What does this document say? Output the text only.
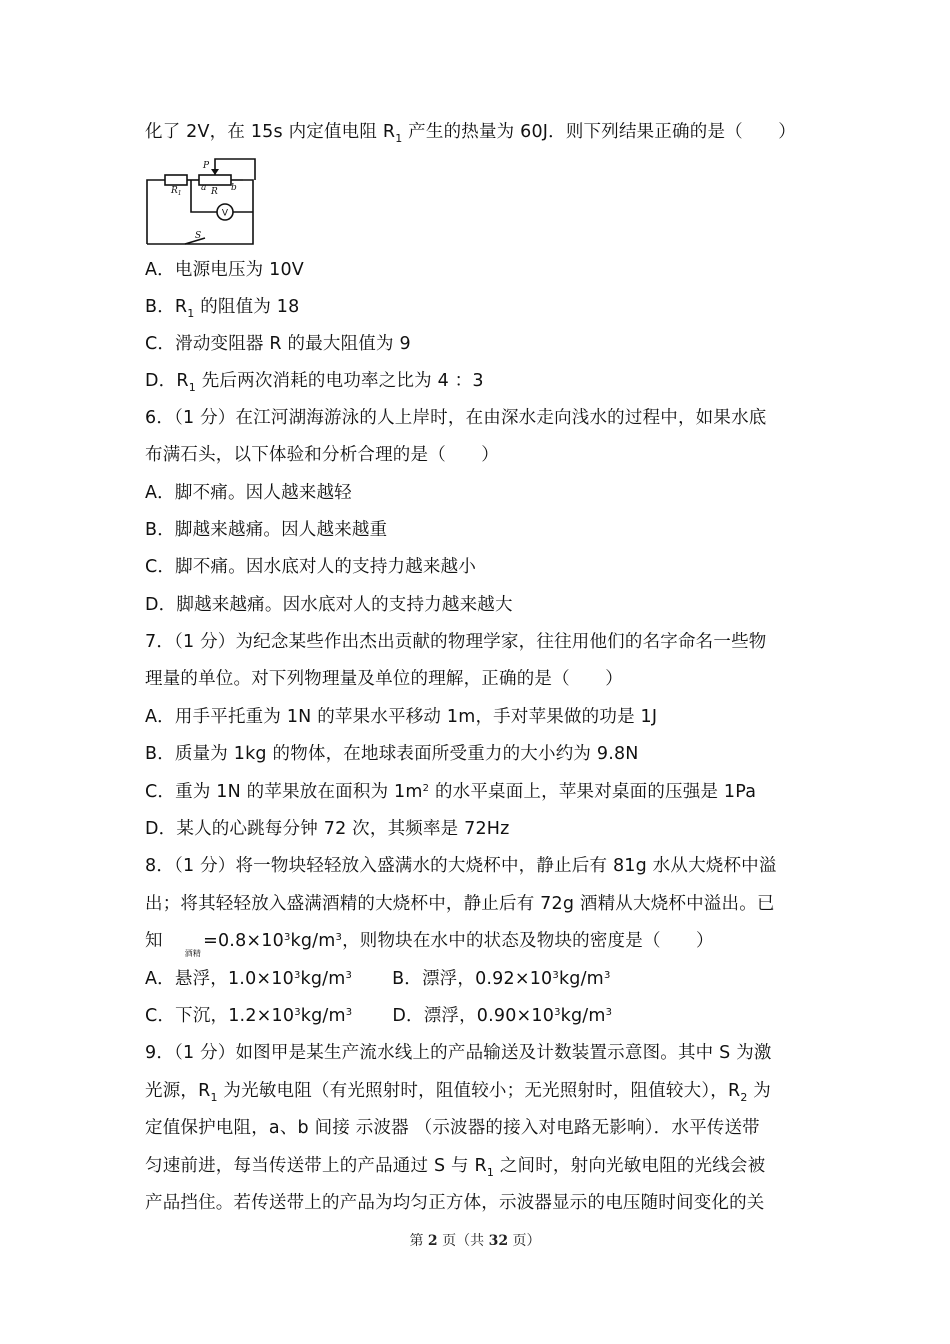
化了 2V，在 15s 内定值电阻 $R_1$ 产生的热量为 60J．则下列结果正确的是（　　）
P
$R_1$
a R b
S
V
A．电源电压为 10V
B．$R_1$ 的阻值为 18
C．滑动变阻器 R 的最大阻值为 9
D．$R_1$ 先后两次消耗的电功率之比为 4 ：3
6．（1 分）在江河湖海游泳的人上岸时，在由深水走向浅水的过程中，如果水底
布满石头，以下体验和分析合理的是（　　）
A．脚不痛。因人越来越轻
B．脚越来越痛。因人越来越重
C．脚不痛。因水底对人的支持力越来越小
D．脚越来越痛。因水底对人的支持力越来越大
7．（1 分）为纪念某些作出杰出贡献的物理学家，往往用他们的名字命名一些物
理量的单位。对下列物理量及单位的理解，正确的是（　　）
A．用手平托重为 1N 的苹果水平移动 1m，手对苹果做的功是 1J
B．质量为 1kg 的物体，在地球表面所受重力的大小约为 9.8N
C．重为 1N 的苹果放在面积为 $1m^2$ 的水平桌面上，苹果对桌面的压强是 1Pa
D．某人的心跳每分钟 72 次，其频率是 72Hz
8．（1 分）将一物块轻轻放入盛满水的大烧杯中，静止后有 81g 水从大烧杯中溢
出；将其轻轻放入盛满酒精的大烧杯中，静止后有 72g 酒精从大烧杯中溢出。已
知$_{酒精}=0.8\times 10^3kg/m^3$，则物块在水中的状态及物块的密度是（　　）
A．悬浮，$1.0\times 10^3kg/m^3$ B．漂浮，$0.92\times 10^3kg/m^3$
C．下沉，$1.2\times 10^3kg/m^3$ D．漂浮，$0.90\times 10^3kg/m^3$
9．（1 分）如图甲是某生产流水线上的产品输送及计数装置示意图。其中 S 为激
光源，$R_1$ 为光敏电阻（有光照射时，阻值较小；无光照射时，阻值较大），$R_2$ 为
定值保护电阻，a、b 间接 示波器 （示波器的接入对电路无影响）．水平传送带
匀速前进，每当传送带上的产品通过 S 与 $R_1$ 之间时，射向光敏电阻的光线会被
产品挡住。若传送带上的产品为均匀正方体，示波器显示的电压随时间变化的关
第 2 页（共 32 页）
